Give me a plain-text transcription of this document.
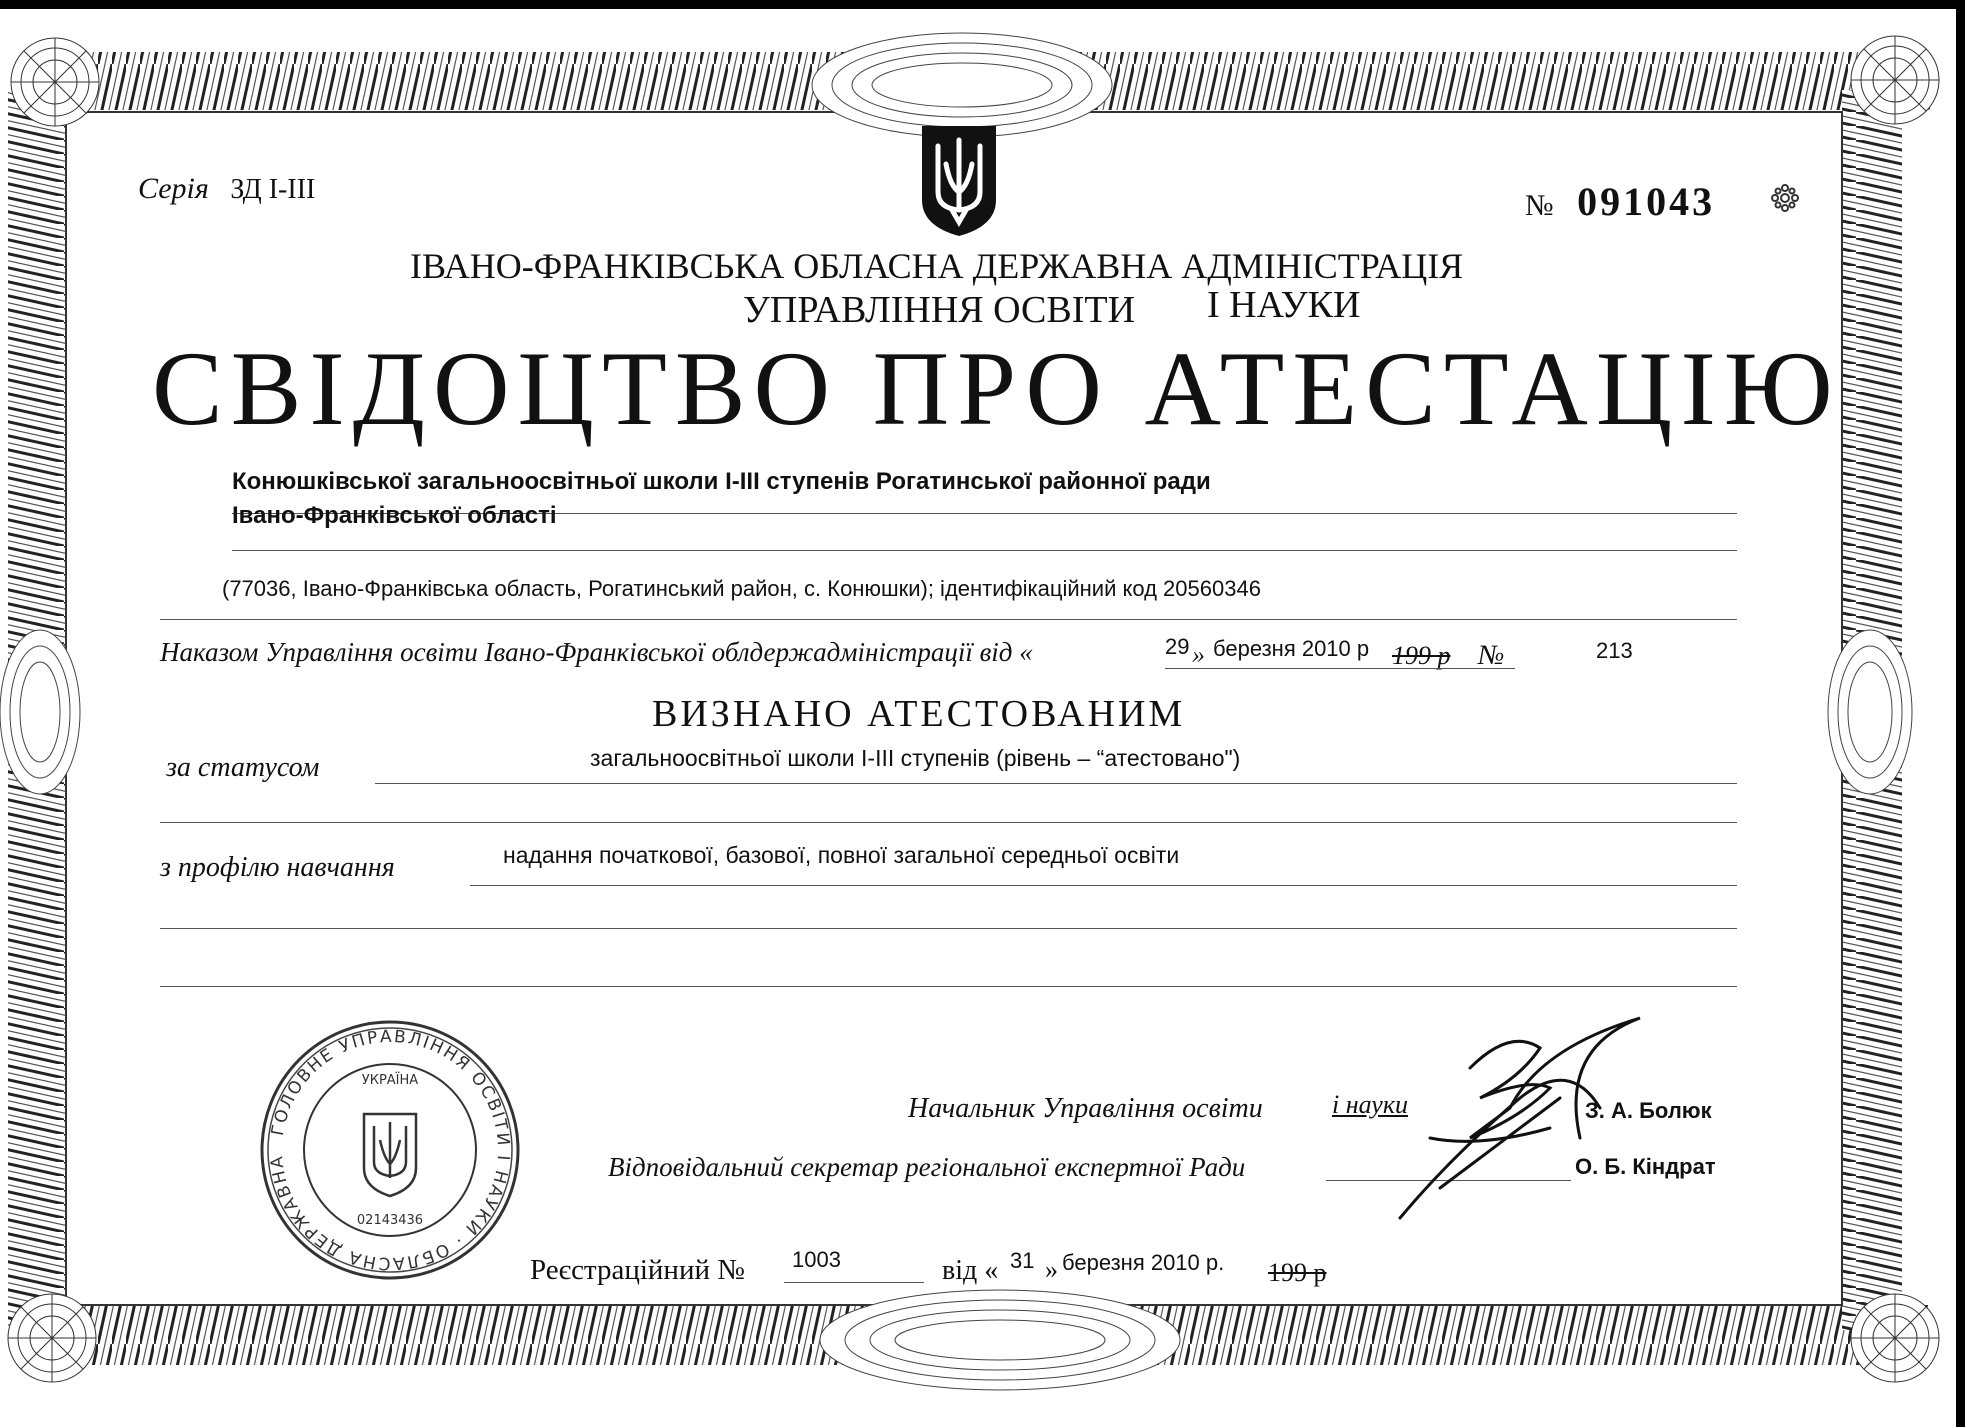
Серія ЗД I-III	№ 091043
ІВАНО-ФРАНКІВСЬКА ОБЛАСНА ДЕРЖАВНА АДМІНІСТРАЦІЯ
УПРАВЛІННЯ ОСВІТИ І НАУКИ
СВІДОЦТВО ПРО АТЕСТАЦІЮ
Конюшківської загальноосвітньої школи I-III ступенів Рогатинської районної ради
Івано-Франківської області
(77036, Івано-Франківська область, Рогатинський район, с. Конюшки); ідентифікаційний код 20560346
Наказом Управління освіти Івано-Франківської облдержадміністрації від «	29 » березня 2010 р 199 р №	213
ВИЗНАНО АТЕСТОВАНИМ
за статусом	загальноосвітньої школи I-III ступенів (рівень – “атестовано")
з профілю навчання	надання початкової, базової, повної загальної середньої освіти
ГОЛОВНЕ УПРАВЛІННЯ ОСВІТИ І НАУКИ · ОБЛАСНА ДЕРЖАВНА
УКРАЇНА
02143436
Начальник Управління освіти	і науки	З. А. Болюк
Відповідальний секретар регіональної експертної Ради	О. Б. Кіндрат
Реєстраційний № 1003	від « 31 » березня 2010 р. 199 р
